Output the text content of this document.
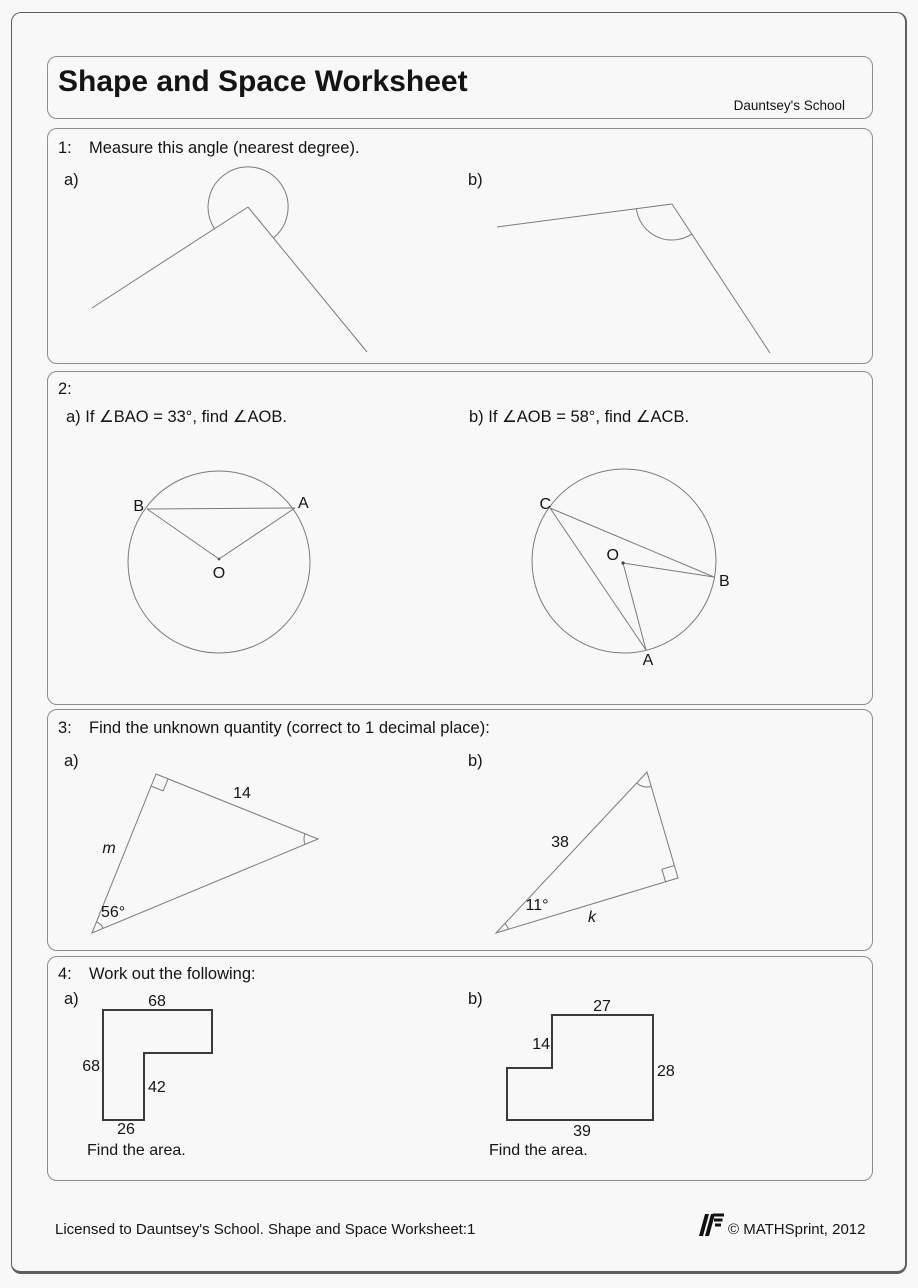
Shape and Space Worksheet
Dauntsey's School
1: Measure this angle (nearest degree).
a)	b)
2:
a) If ∠BAO = 33°, find ∠AOB.	b) If ∠AOB = 58°, find ∠ACB.
B	A
O
C
O
B
A
3: Find the unknown quantity (correct to 1 decimal place):
a)	b)
14
m
56°
38
11°
k
4: Work out the following:
a)	b)
68
68
42
26
Find the area.
27
14
28
39
Find the area.
Licensed to Dauntsey's School. Shape and Space Worksheet:1	© MATHSprint, 2012
